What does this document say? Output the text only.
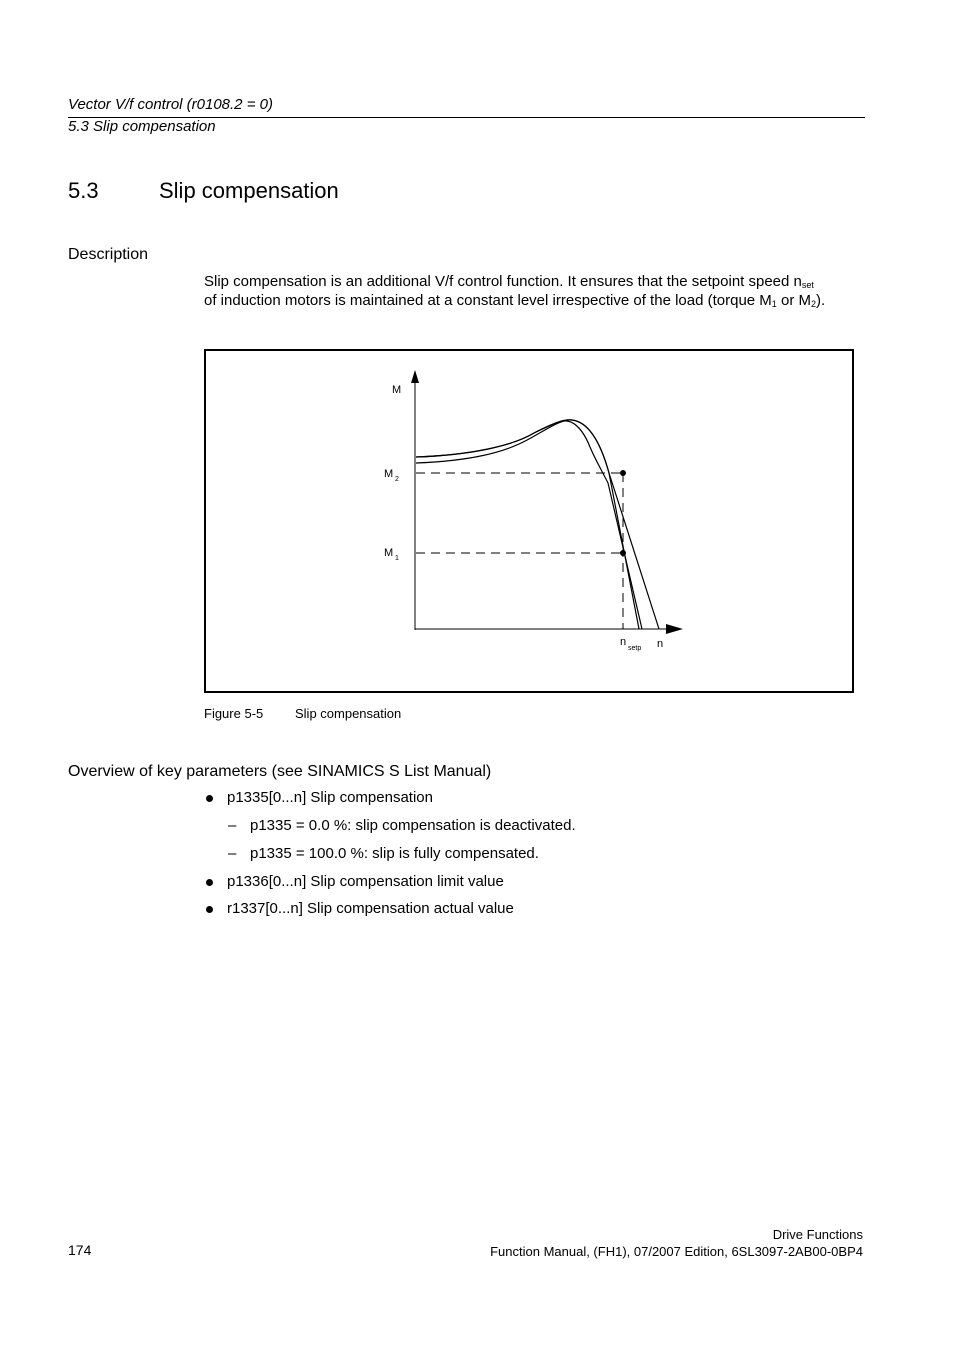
Vector V/f control (r0108.2 = 0)
5.3 Slip compensation
5.3	Slip compensation
Description
Slip compensation is an additional V/f control function. It ensures that the setpoint speed $n_{set}$
of induction motors is maintained at a constant level irrespective of the load (torque $M_1$ or $M_2$).
M
M 2
M 1
n
setp n
Figure 5-5 Slip compensation
Overview of key parameters (see SINAMICS S List Manual)
p1335[0...n] Slip compensation
– p1335 = 0.0 %: slip compensation is deactivated.
– p1335 = 100.0 %: slip is fully compensated.
p1336[0...n] Slip compensation limit value
r1337[0...n] Slip compensation actual value
174
Drive Functions
Function Manual, (FH1), 07/2007 Edition, 6SL3097-2AB00-0BP4
